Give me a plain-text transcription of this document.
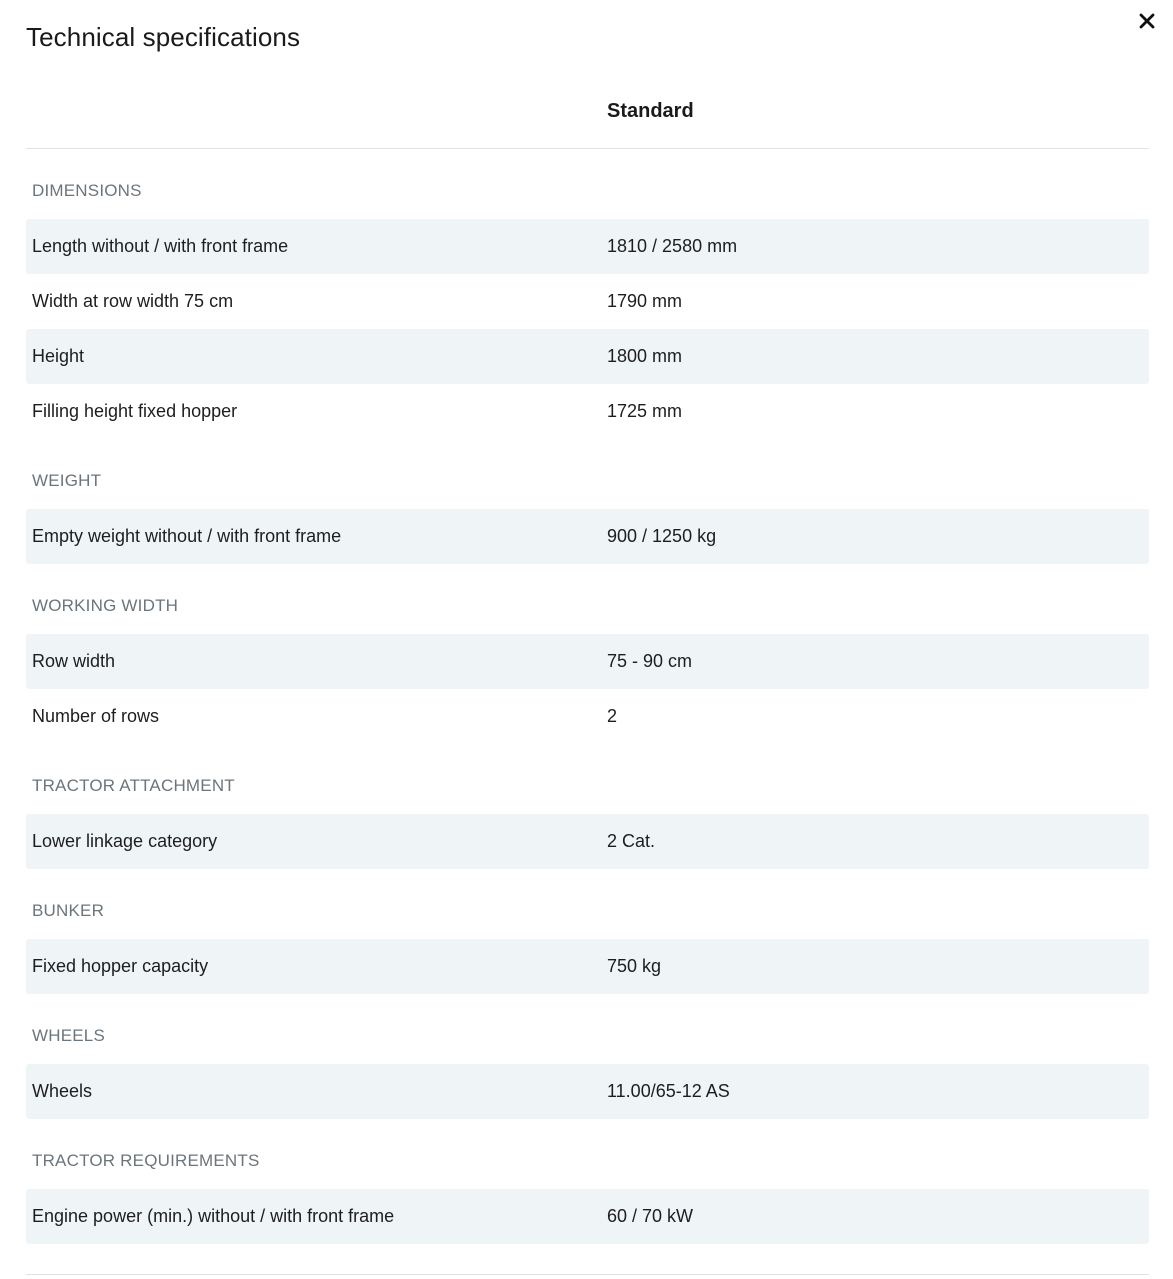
Technical specifications
Standard
DIMENSIONS
Length without / with front frame	1810 / 2580 mm
Width at row width 75 cm	1790 mm
Height	1800 mm
Filling height fixed hopper	1725 mm
WEIGHT
Empty weight without / with front frame	900 / 1250 kg
WORKING WIDTH
Row width	75 - 90 cm
Number of rows	2
TRACTOR ATTACHMENT
Lower linkage category	2 Cat.
BUNKER
Fixed hopper capacity	750 kg
WHEELS
Wheels	11.00/65-12 AS
TRACTOR REQUIREMENTS
Engine power (min.) without / with front frame	60 / 70 kW
